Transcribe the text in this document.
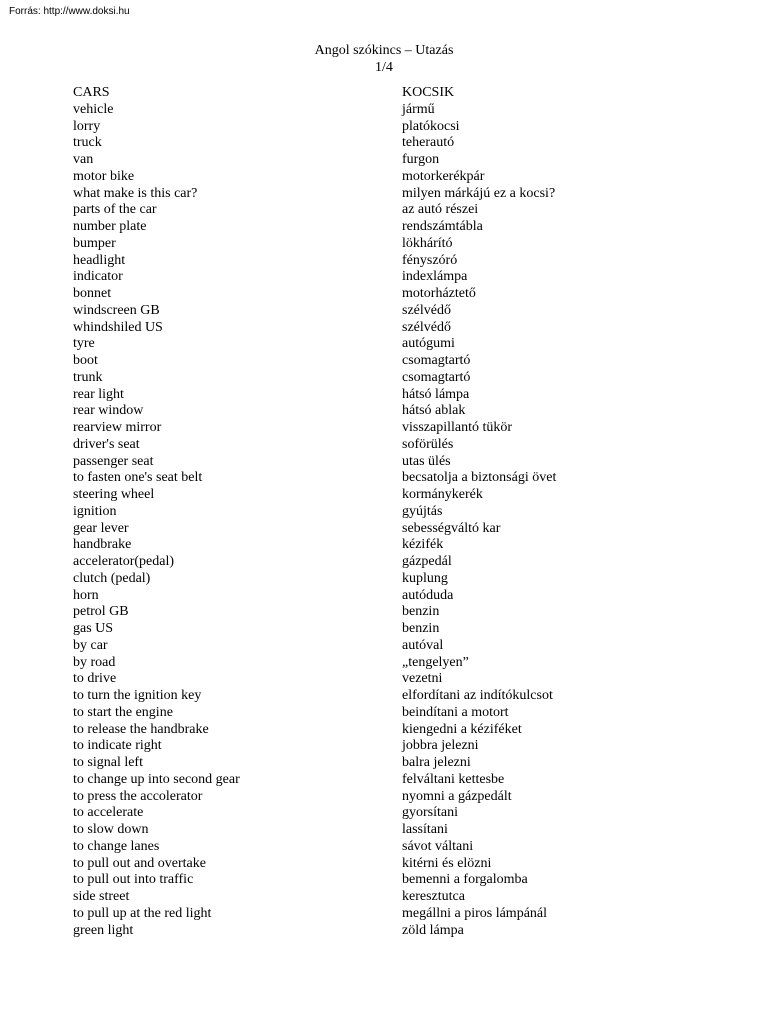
Forrás: http://www.doksi.hu
Angol szókincs – Utazás
1/4
CARS	KOCSIK
vehicle	jármű
lorry	platókocsi
truck	teherautó
van	furgon
motor bike	motorkerékpár
what make is this car?	milyen márkájú ez a kocsi?
parts of the car	az autó részei
number plate	rendszámtábla
bumper	lökhárító
headlight	fényszóró
indicator	indexlámpa
bonnet	motorháztető
windscreen GB	szélvédő
whindshiled US	szélvédő
tyre	autógumi
boot	csomagtartó
trunk	csomagtartó
rear light	hátsó lámpa
rear window	hátsó ablak
rearview mirror	visszapillantó tükör
driver's seat	soförülés
passenger seat	utas ülés
to fasten one's seat belt	becsatolja a biztonsági övet
steering wheel	kormánykerék
ignition	gyújtás
gear lever	sebességváltó kar
handbrake	kézifék
accelerator(pedal)	gázpedál
clutch (pedal)	kuplung
horn	autóduda
petrol GB	benzin
gas US	benzin
by car	autóval
by road	„tengelyen”
to drive	vezetni
to turn the ignition key	elfordítani az indítókulcsot
to start the engine	beindítani a motort
to release the handbrake	kiengedni a kéziféket
to indicate right	jobbra jelezni
to signal left	balra jelezni
to change up into second gear	felváltani kettesbe
to press the accolerator	nyomni a gázpedált
to accelerate	gyorsítani
to slow down	lassítani
to change lanes	sávot váltani
to pull out and overtake	kitérni és elözni
to pull out into traffic	bemenni a forgalomba
side street	keresztutca
to pull up at the red light	megállni a piros lámpánál
green light	zöld lámpa
